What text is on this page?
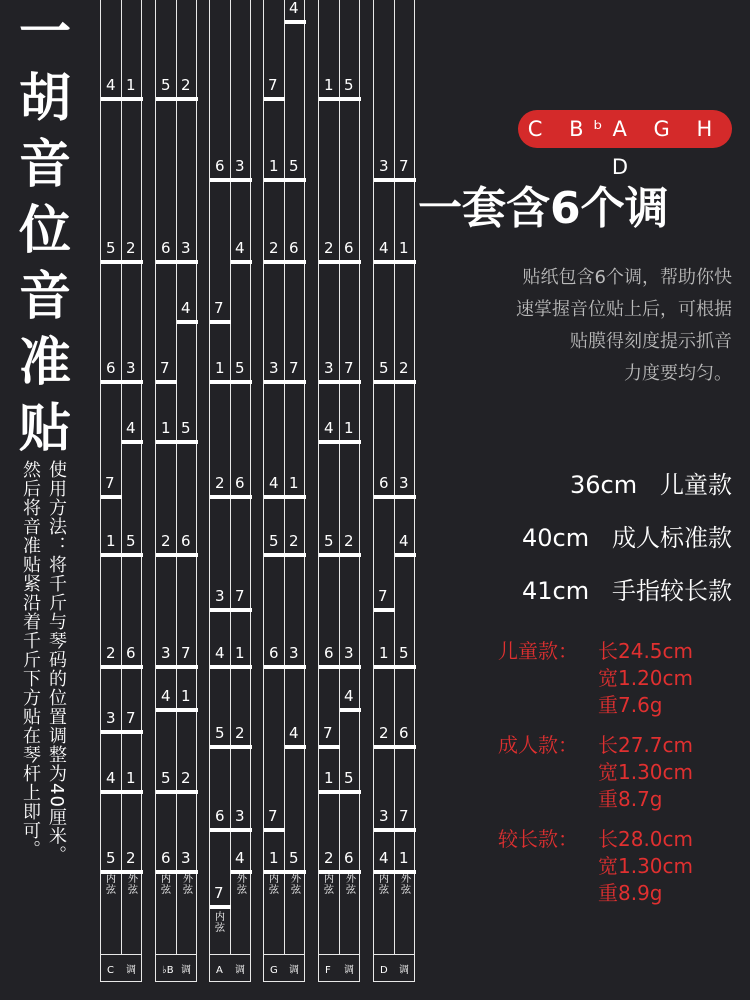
一
胡
音
位
音
准
贴
使用方法：将千斤与琴码的位置调整为40厘米。
然后将音准贴紧沿着千斤下方贴在琴杆上即可。
C 调
4 1
5 2
6 3
4
7
1 5
2 6
3 7
4 1
5 2
内弦
外弦
♭B 调
5 2
6 3
4
7
1 5
2 6
3 7
4 1
5 2
6 3
内弦
外弦
A 调
6 3
4
7
1 5
2 6
3 7
4 1
5 2
6 3
4
7
内弦
外弦
G 调
4
7
1 5
2 6
3 7
4 1
5 2
6 3
4
7
1 5
内弦
外弦
F 调
1 5
2 6
3 7
4 1
5 2
6 3
4
7
1 5
2 6
内弦
外弦
D 调
3 7
4 1
5 2
6 3
4
7
1 5
2 6
3 7
4 1
内弦
外弦
C BᵇA G H D
一套含6个调
贴纸包含6个调，帮助你快
速掌握音位贴上后，可根据
贴膜得刻度提示抓音
力度要均匀。
36cm 儿童款
40cm 成人标准款
41cm 手指较长款
儿童款： 长24.5cm
宽1.20cm
重7.6g
成人款： 长27.7cm
宽1.30cm
重8.7g
较长款： 长28.0cm
宽1.30cm
重8.9g
